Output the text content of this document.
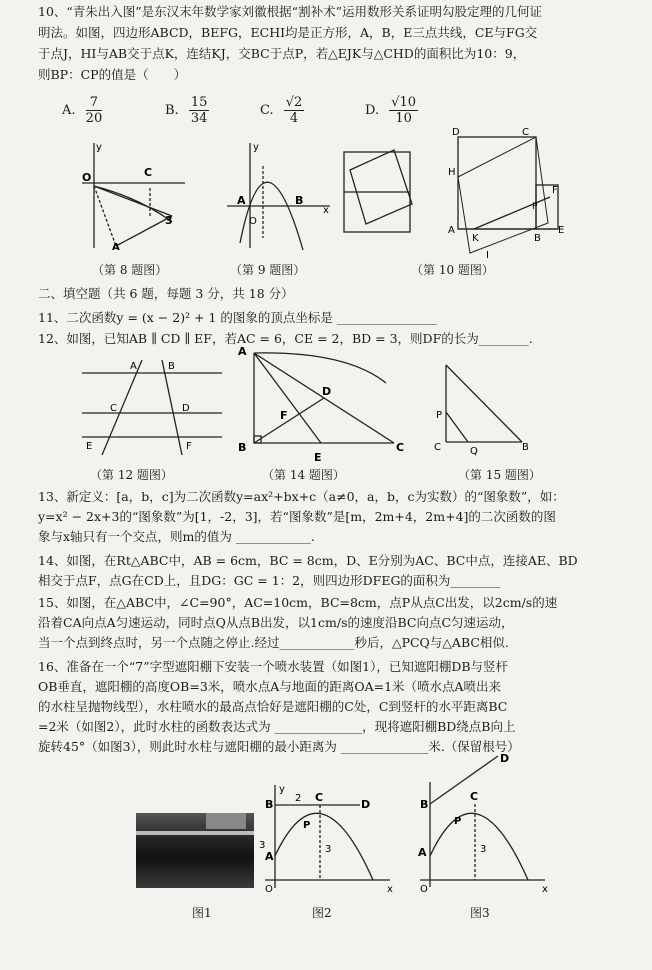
10、“青朱出入图”是东汉末年数学家刘徽根据“割补术”运用数形关系证明勾股定理的几何证
明法。如图，四边形ABCD，BEFG，ECHI均是正方形，A，B，E三点共线，CE与FG交
于点J，HI与AB交于点K，连结KJ，交BC于点P，若△EJK与△CHD的面积比为10：9，
则BP：CP的值是（　　）
A. $\frac{7}{20}$	B. $\frac{15}{34}$	C. $\frac{√2}{4}$	D. $\frac{√10}{10}$
y
O	C
3
A
y
A	B
x
O
D	C
H
F
P
A
K	B
E
I
（第 8 题图）	（第 9 题图）	（第 10 题图）
二、填空题（共 6 题，每题 3 分，共 18 分）
11、二次函数y = (x − 2)² + 1 的图象的顶点坐标是 ________________
12、如图，已知AB ∥ CD ∥ EF，若AC = 6，CE = 2，BD = 3，则DF的长为________.
A	B
C	D
E	F
A
B	C
D
E
F	P
C	Q	B
（第 12 题图）	（第 14 题图）	（第 15 题图）
13、新定义：[a，b，c]为二次函数y=ax²+bx+c（a≠0，a，b，c为实数）的“图象数”，如：
y=x² − 2x+3的“图象数”为[1，-2，3]，若“图象数”是[m，2m+4，2m+4]的二次函数的图
象与x轴只有一个交点，则m的值为 ____________.
14、如图，在Rt△ABC中，AB = 6cm，BC = 8cm，D、E分别为AC、BC中点，连接AE、BD
相交于点F，点G在CD上，且DG：GC = 1：2，则四边形DFEG的面积为________
15、如图，在△ABC中，∠C=90°，AC=10cm，BC=8cm，点P从点C出发，以2cm/s的速
沿着CA向点A匀速运动，同时点Q从点B出发，以1cm/s的速度沿BC向点C匀速运动，
当一个点到终点时，另一个点随之停止.经过____________秒后，△PCQ与△ABC相似.
16、准备在一个“7”字型遮阳棚下安装一个喷水装置（如图1），已知遮阳棚DB与竖杆
OB垂直，遮阳棚的高度OB=3米，喷水点A与地面的距离OA=1米（喷水点A喷出来
的水柱呈抛物线型），水柱喷水的最高点恰好是遮阳棚的C处，C到竖杆的水平距离BC
=2米（如图2），此时水柱的函数表达式为 ______________，现将遮阳棚BD绕点B向上
旋转45°（如图3），则此时水柱与遮阳棚的最小距离为 ______________米.（保留根号）
y
B 2 C
D
P
A
3	3
O	x
D
B
C
P
A	3
O	x
图1	图2	图3
